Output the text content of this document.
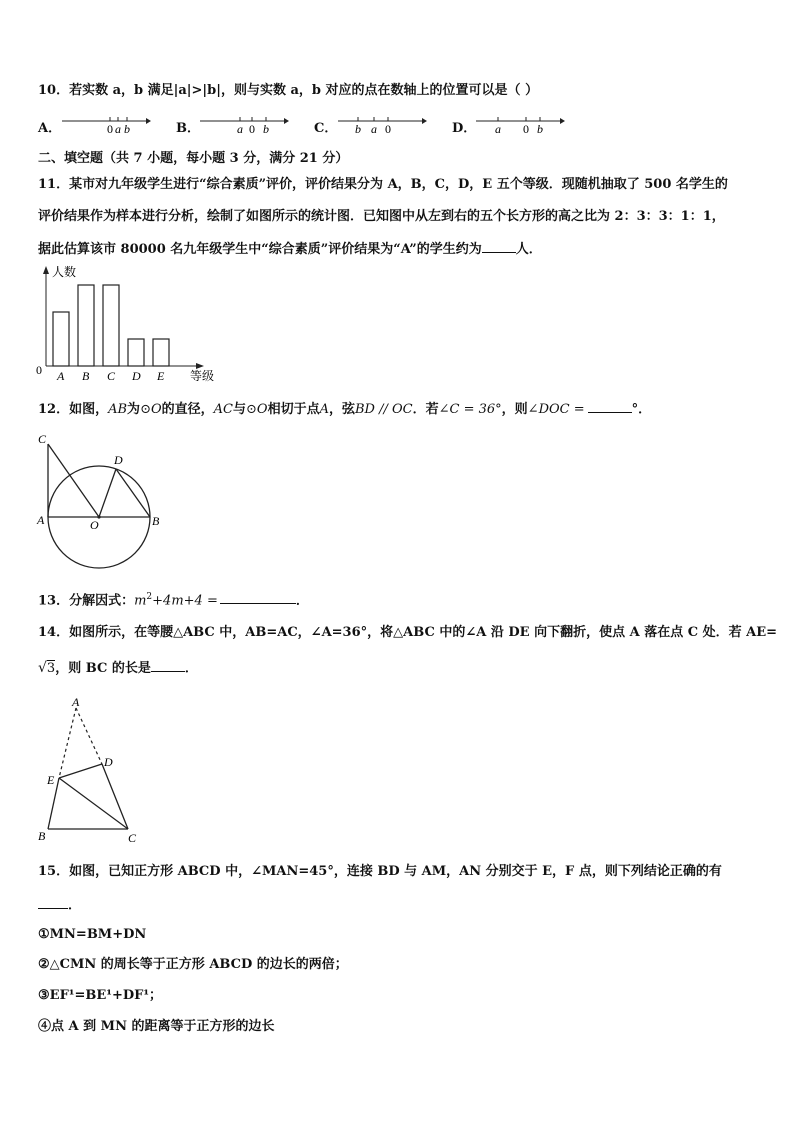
10．若实数 a，b 满足|a|>|b|，则与实数 a，b 对应的点在数轴上的位置可以是（ ）
A．	0 a b	B．	a 0 b	C． b a 0	D． a 0 b
二、填空题（共 7 小题，每小题 3 分，满分 21 分）
11．某市对九年级学生进行“综合素质”评价，评价结果分为 A，B，C，D，E 五个等级．现随机抽取了 500 名学生的
评价结果作为样本进行分析，绘制了如图所示的统计图．已知图中从左到右的五个长方形的高之比为 2：3：3：1：1，
据此估算该市 80000 名九年级学生中“综合素质”评价结果为“A”的学生约为	人．
人数
等级
0 A B C D E
12．如图，AB为⊙O的直径，AC与⊙O相切于点A，弦BD // OC．若∠C = 36°，则∠DOC =	°．
C
D
A	O	B
13．分解因式：$m^2+4m+4$ =	．
14．如图所示，在等腰△ABC 中，AB=AC，∠A=36°，将△ABC 中的∠A 沿 DE 向下翻折，使点 A 落在点 C 处．若 AE=
√3，则 BC 的长是	．
A
D
E
B	C
15．如图，已知正方形 ABCD 中，∠MAN=45°，连接 BD 与 AM，AN 分别交于 E，F 点，则下列结论正确的有
．
①MN=BM+DN
②△CMN 的周长等于正方形 ABCD 的边长的两倍；
③EF¹=BE¹+DF¹；
④点 A 到 MN 的距离等于正方形的边长
